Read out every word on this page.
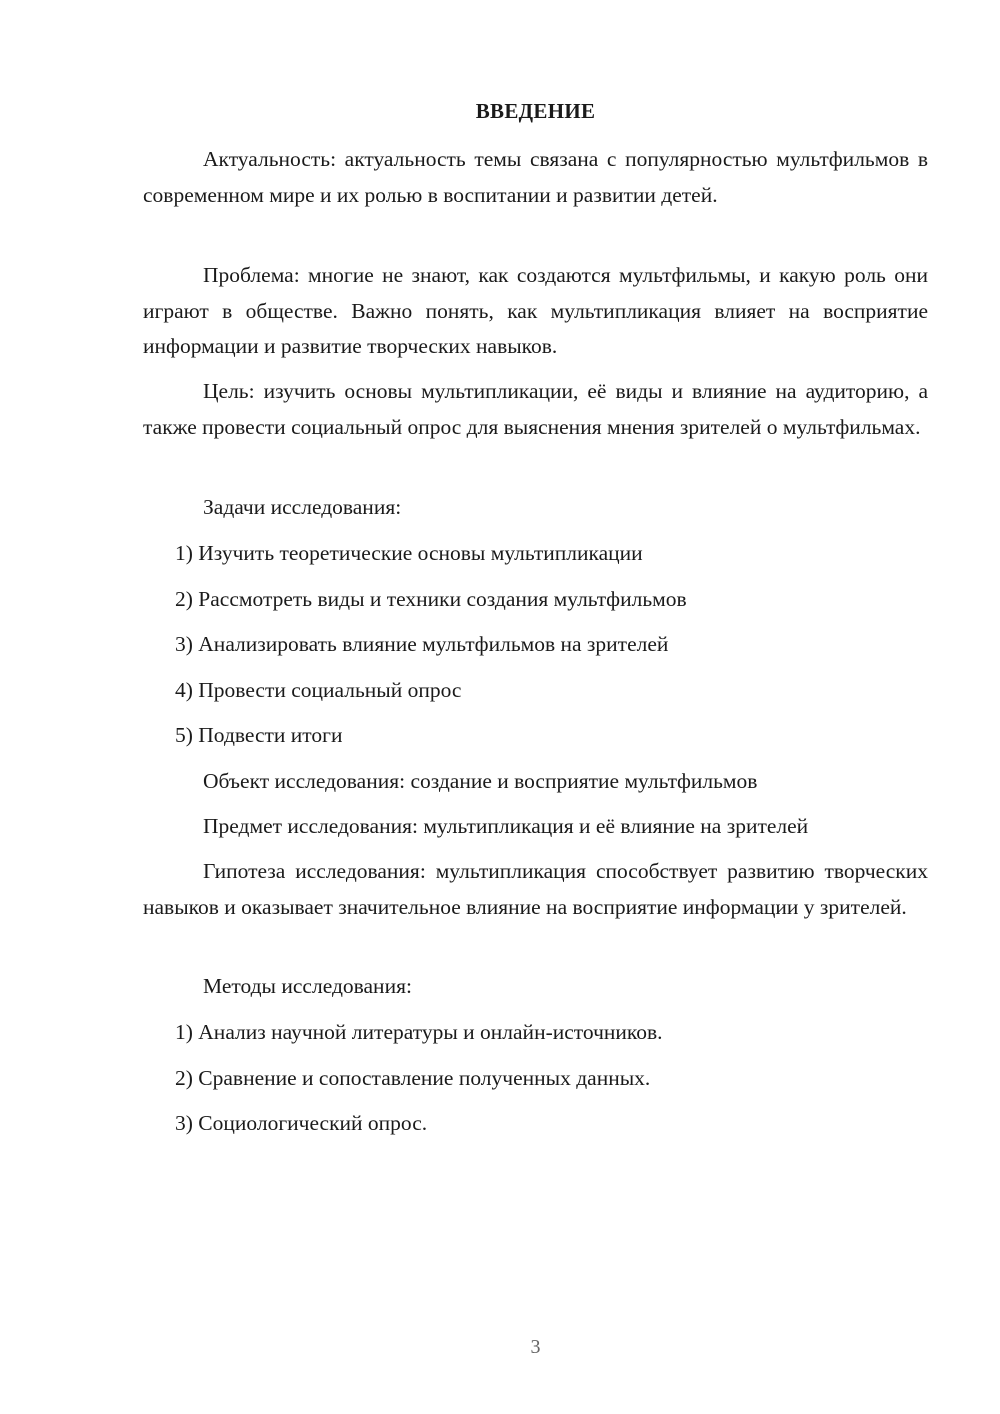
ВВЕДЕНИЕ

Актуальность: актуальность темы связана с популярностью мультфильмов в современном мире и их ролью в воспитании и развитии детей.

Проблема: многие не знают, как создаются мультфильмы, и какую роль они играют в обществе. Важно понять, как мультипликация влияет на восприятие информации и развитие творческих навыков.

Цель: изучить основы мультипликации, её виды и влияние на аудиторию, а также провести социальный опрос для выяснения мнения зрителей о мультфильмах.

Задачи исследования:

1) Изучить теоретические основы мультипликации

2) Рассмотреть виды и техники создания мультфильмов

3) Анализировать влияние мультфильмов на зрителей

4) Провести социальный опрос

5) Подвести итоги

Объект исследования: создание и восприятие мультфильмов

Предмет исследования: мультипликация и её влияние на зрителей

Гипотеза исследования: мультипликация способствует развитию творческих навыков и оказывает значительное влияние на восприятие информации у зрителей.

Методы исследования:

1) Анализ научной литературы и онлайн-источников.

2) Сравнение и сопоставление полученных данных.

3) Социологический опрос.

3
